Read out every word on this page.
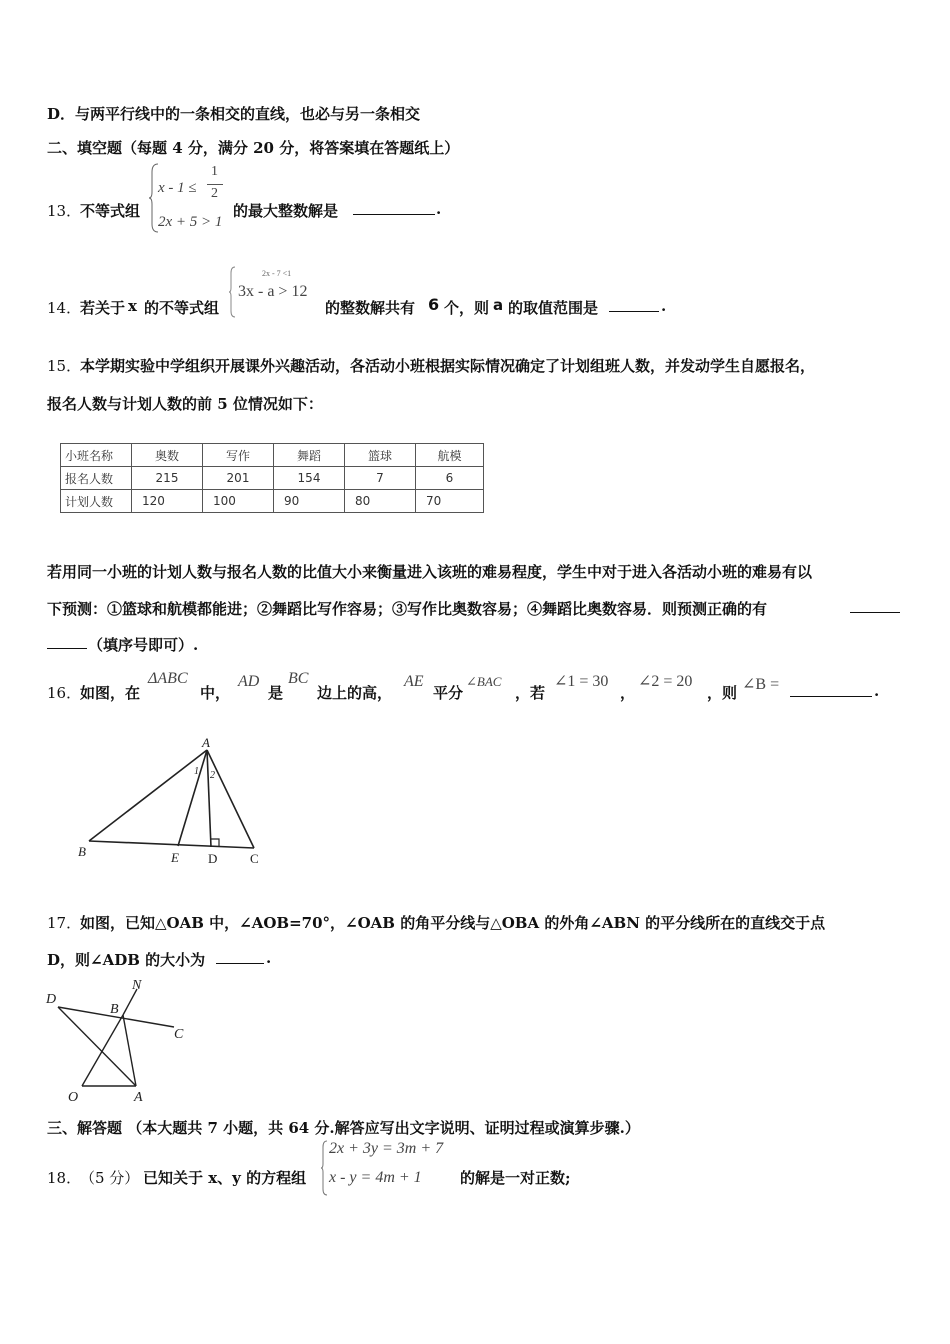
D．与两平行线中的一条相交的直线，也必与另一条相交
二、填空题（每题 4 分，满分 20 分，将答案填在答题纸上）
13．
不等式组
x - 1 ≤
1
2
2x + 5 > 1
的最大整数解是	.
14．
若关于 x 的不等式组
2x - 7 <1
3x - a > 12
的整数解共有 6 个，则 a 的取值范围是	.
15．
本学期实验中学组织开展课外兴趣活动，各活动小班根据实际情况确定了计划组班人数，并发动学生自愿报名，
报名人数与计划人数的前 5 位情况如下：
小班名称	奥数	写作	舞蹈	篮球	航模
报名人数	215	201	154	7	6
计划人数	120	100	90	80	70
若用同一小班的计划人数与报名人数的比值大小来衡量进入该班的难易程度，学生中对于进入各活动小班的难易有以
下预测：①篮球和航模都能进；②舞蹈比写作容易；③写作比奥数容易；④舞蹈比奥数容易．则预测正确的有
（填序号即可）.
16．
如图，在
ΔABC
中，
AD
是
BC
边上的高，
AE
平分
∠BAC
，若
∠1 = 30
，
∠2 = 20
，则 ∠B =	.
A
B	E D	C
1 2
17．
如图，已知△OAB 中，∠AOB=70°，∠OAB 的角平分线与△OBA 的外角∠ABN 的平分线所在的直线交于点
D，则∠ADB 的大小为	.
D
N
B
C
O	A
三、解答题 （本大题共 7 小题，共 64 分.解答应写出文字说明、证明过程或演算步骤.）
18．
（5 分） 已知关于 x、y 的方程组
2x + 3y = 3m + 7
x - y = 4m + 1	的解是一对正数;
